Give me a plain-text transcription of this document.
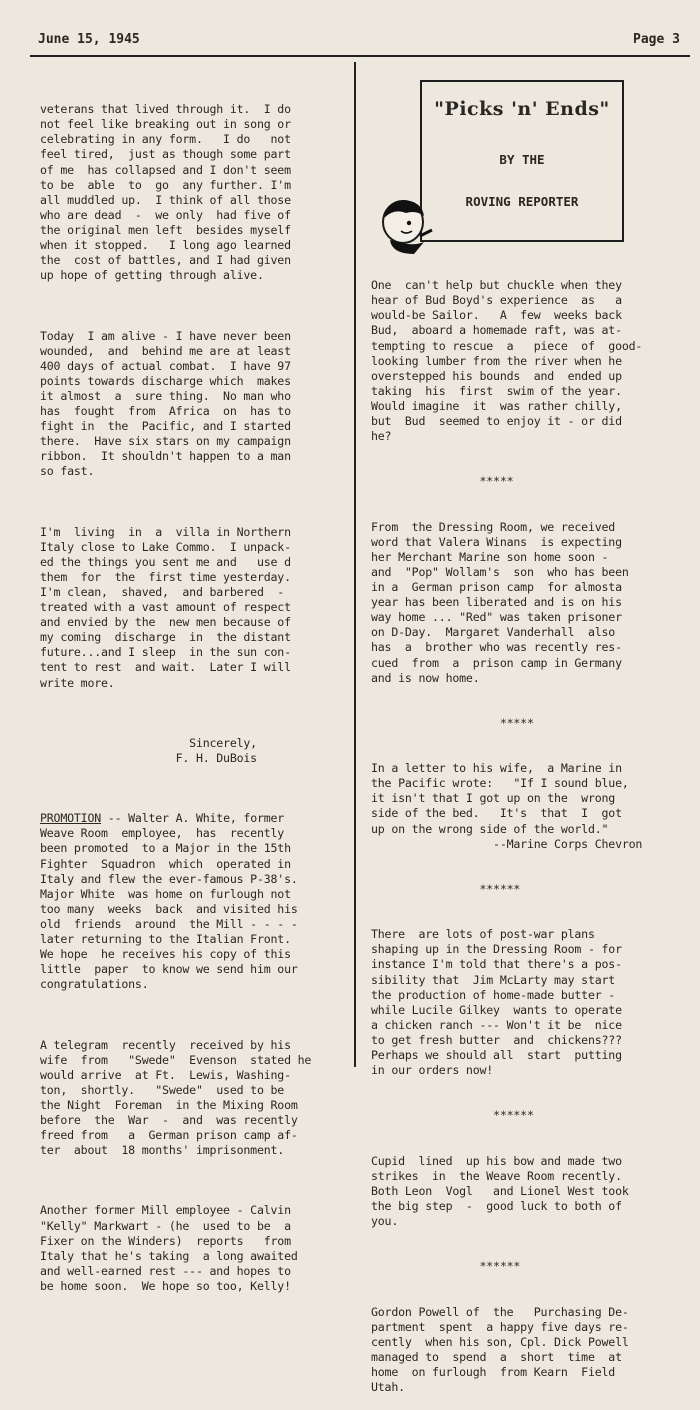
June 15, 1945	Page 3

veterans that lived through it.  I do
not feel like breaking out in song or
celebrating in any form.   I do   not
feel tired,  just as though some part
of me  has collapsed and I don't seem
to be  able  to  go  any further. I'm
all muddled up.  I think of all those
who are dead  -  we only  had five of
the original men left  besides myself
when it stopped.   I long ago learned
the  cost of battles, and I had given
up hope of getting through alive.

Today  I am alive - I have never been
wounded,  and  behind me are at least
400 days of actual combat.  I have 97
points towards discharge which  makes
it almost  a  sure thing.  No man who
has  fought  from  Africa  on  has to
fight in  the  Pacific, and I started
there.  Have six stars on my campaign
ribbon.  It shouldn't happen to a man
so fast.

I'm  living  in  a  villa in Northern
Italy close to Lake Commo.  I unpack-
ed the things you sent me and   use d
them  for  the  first time yesterday.
I'm clean,  shaved,  and barbered  -
treated with a vast amount of respect
and envied by the  new men because of
my coming  discharge  in  the distant
future...and I sleep  in the sun con-
tent to rest  and wait.  Later I will
write more.

Sincerely,
F. H. DuBois

PROMOTION -- Walter A. White, former
Weave Room  employee,  has  recently
been promoted  to a Major in the 15th
Fighter  Squadron  which  operated in
Italy and flew the ever-famous P-38's.
Major White  was home on furlough not
too many  weeks  back  and visited his
old  friends  around  the Mill - - - -
later returning to the Italian Front.
We hope  he receives his copy of this
little  paper  to know we send him our
congratulations.

A telegram  recently  received by his
wife  from   "Swede"  Evenson  stated he
would arrive  at Ft.  Lewis, Washing-
ton,  shortly.   "Swede"  used to be
the Night  Foreman  in the Mixing Room
before  the  War  -  and  was recently
freed from   a  German prison camp af-
ter  about  18 months' imprisonment.

Another former Mill employee - Calvin
"Kelly" Markwart - (he  used to be  a
Fixer on the Winders)  reports   from
Italy that he's taking  a long awaited
and well-earned rest --- and hopes to
be home soon.  We hope so too, Kelly!

"Picks 'n' Ends"
BY THE
ROVING REPORTER

One  can't help but chuckle when they
hear of Bud Boyd's experience  as   a
would-be Sailor.   A  few  weeks back
Bud,  aboard a homemade raft, was at-
tempting to rescue  a   piece  of  good-
looking lumber from the river when he
overstepped his bounds  and  ended up
taking  his  first  swim of the year.
Would imagine  it  was rather chilly,
but  Bud  seemed to enjoy it - or did
he?

*****

From  the Dressing Room, we received
word that Valera Winans  is expecting
her Merchant Marine son home soon -
and  "Pop" Wollam's  son  who has been
in a  German prison camp  for almosta
year has been liberated and is on his
way home ... "Red" was taken prisoner
on D-Day.  Margaret Vanderhall  also
has  a  brother who was recently res-
cued  from  a  prison camp in Germany
and is now home.

*****

In a letter to his wife,  a Marine in
the Pacific wrote:   "If I sound blue,
it isn't that I got up on the  wrong
side of the bed.   It's  that  I  got
up on the wrong side of the world."
--Marine Corps Chevron

******

There  are lots of post-war plans
shaping up in the Dressing Room - for
instance I'm told that there's a pos-
sibility that  Jim McLarty may start
the production of home-made butter -
while Lucile Gilkey  wants to operate
a chicken ranch --- Won't it be  nice
to get fresh butter  and  chickens???
Perhaps we should all  start  putting
in our orders now!

******

Cupid  lined  up his bow and made two
strikes  in  the Weave Room recently.
Both Leon  Vogl   and Lionel West took
the big step  -  good luck to both of
you.

******

Gordon Powell of  the   Purchasing De-
partment  spent  a happy five days re-
cently  when his son, Cpl. Dick Powell
managed to  spend  a  short  time  at
home  on furlough  from Kearn  Field
Utah.
